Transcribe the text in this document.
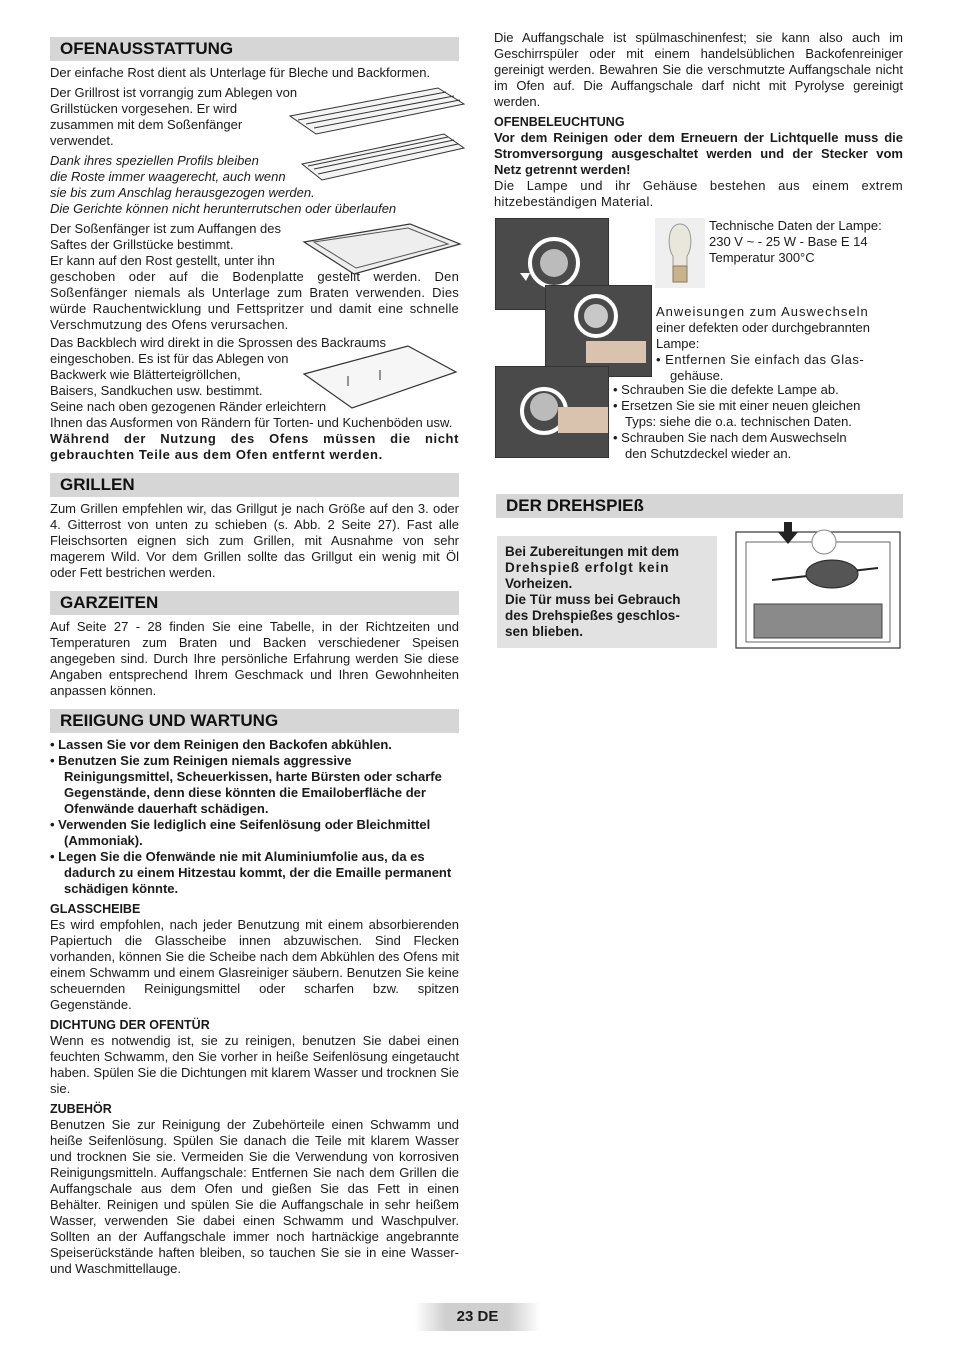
OFENAUSSTATTUNG

Der einfache Rost dient als Unterlage für Bleche und Backformen.

Der Grillrost ist vorrangig zum Ablegen von
Grillstücken vorgesehen. Er wird
zusammen mit dem Soßenfänger
verwendet.
Dank ihres speziellen Profils bleiben
die Roste immer waagerecht, auch wenn
sie bis zum Anschlag herausgezogen werden.
Die Gerichte können nicht herunterrutschen oder überlaufen
Der Soßenfänger ist zum Auffangen des
Saftes der Grillstücke bestimmt.
Er kann auf den Rost gestellt, unter ihn

geschoben oder auf die Bodenplatte gestellt werden. Den Soßenfänger niemals als Unterlage zum Braten verwenden. Dies würde Rauchentwicklung und Fettspritzer und damit eine schnelle Verschmutzung des Ofens verursachen.

Das Backblech wird direkt in die Sprossen des Backraums
eingeschoben. Es ist für das Ablegen von
Backwerk wie Blätterteigröllchen,
Baisers, Sandkuchen usw. bestimmt.
Seine nach oben gezogenen Ränder erleichtern

Ihnen das Ausformen von Rändern für Torten- und Kuchenböden usw.

Während der Nutzung des Ofens müssen die nicht gebrauchten Teile aus dem Ofen entfernt werden.

GRILLEN

Zum Grillen empfehlen wir, das Grillgut je nach Größe auf den 3. oder 4. Gitterrost von unten zu schieben (s. Abb. 2 Seite 27). Fast alle Fleischsorten eignen sich zum Grillen, mit Ausnahme von sehr magerem Wild. Vor dem Grillen sollte das Grillgut ein wenig mit Öl oder Fett bestrichen werden.

GARZEITEN

Auf Seite 27 - 28 finden Sie eine Tabelle, in der Richtzeiten und Temperaturen zum Braten und Backen verschiedener Speisen angegeben sind. Durch Ihre persönliche Erfahrung werden Sie diese Angaben entsprechend Ihrem Geschmack und Ihren Gewohnheiten anpassen können.

REIIGUNG UND WARTUNG
• Lassen Sie vor dem Reinigen den Backofen abkühlen.
• Benutzen Sie zum Reinigen niemals aggressive Reinigungsmittel, Scheuerkissen, harte Bürsten oder scharfe Gegenstände, denn diese könnten die Emailoberfläche der Ofenwände dauerhaft schädigen.
• Verwenden Sie lediglich eine Seifenlösung oder Bleichmittel (Ammoniak).
• Legen Sie die Ofenwände nie mit Aluminiumfolie aus, da es dadurch zu einem Hitzestau kommt, der die Emaille permanent schädigen könnte.
GLASSCHEIBE

Es wird empfohlen, nach jeder Benutzung mit einem absorbierenden Papiertuch die Glasscheibe innen abzuwischen. Sind Flecken vorhanden, können Sie die Scheibe nach dem Abkühlen des Ofens mit einem Schwamm und einem Glasreiniger säubern. Benutzen Sie keine scheuernden Reinigungsmittel oder scharfen bzw. spitzen Gegenstände.

DICHTUNG DER OFENTÜR

Wenn es notwendig ist, sie zu reinigen, benutzen Sie dabei einen feuchten Schwamm, den Sie vorher in heiße Seifenlösung eingetaucht haben. Spülen Sie die Dichtungen mit klarem Wasser und trocknen Sie sie.

ZUBEHÖR

Benutzen Sie zur Reinigung der Zubehörteile einen Schwamm und heiße Seifenlösung. Spülen Sie danach die Teile mit klarem Wasser und trocknen Sie sie. Vermeiden Sie die Verwendung von korrosiven Reinigungsmitteln. Auffangschale: Entfernen Sie nach dem Grillen die Auffangschale aus dem Ofen und gießen Sie das Fett in einen Behälter. Reinigen und spülen Sie die Auffangschale in sehr heißem Wasser, verwenden Sie dabei einen Schwamm und Waschpulver. Sollten an der Auffangschale immer noch hartnäckige angebrannte Speiserückstände haften bleiben, so tauchen Sie sie in eine Wasser- und Waschmittellauge.

Die Auffangschale ist spülmaschinenfest; sie kann also auch im Geschirrspüler oder mit einem handelsüblichen Backofenreiniger gereinigt werden. Bewahren Sie die verschmutzte Auffangschale nicht im Ofen auf. Die Auffangschale darf nicht mit Pyrolyse gereinigt werden.

OFENBELEUCHTUNG

Vor dem Reinigen oder dem Erneuern der Lichtquelle muss die Stromversorgung ausgeschaltet werden und der Stecker vom Netz getrennt werden!

Die Lampe und ihr Gehäuse bestehen aus einem extrem hitzebeständigen Material.

Technische Daten der Lampe:
230 V ~ - 25 W - Base E 14
Temperatur 300°C
Anweisungen zum Auswechseln
einer defekten oder durchgebrannten
Lampe:
• Entfernen Sie einfach das Glas-
gehäuse.
• Schrauben Sie die defekte Lampe ab.
• Ersetzen Sie sie mit einer neuen gleichen
Typs: siehe die o.a. technischen Daten.
• Schrauben Sie nach dem Auswechseln
den Schutzdeckel wieder an.
DER DREHSPIEß
Bei Zubereitungen mit dem
Drehspieß erfolgt kein
Vorheizen.
Die Tür muss bei Gebrauch
des Drehspießes geschlos-
sen blieben.
23 DE
